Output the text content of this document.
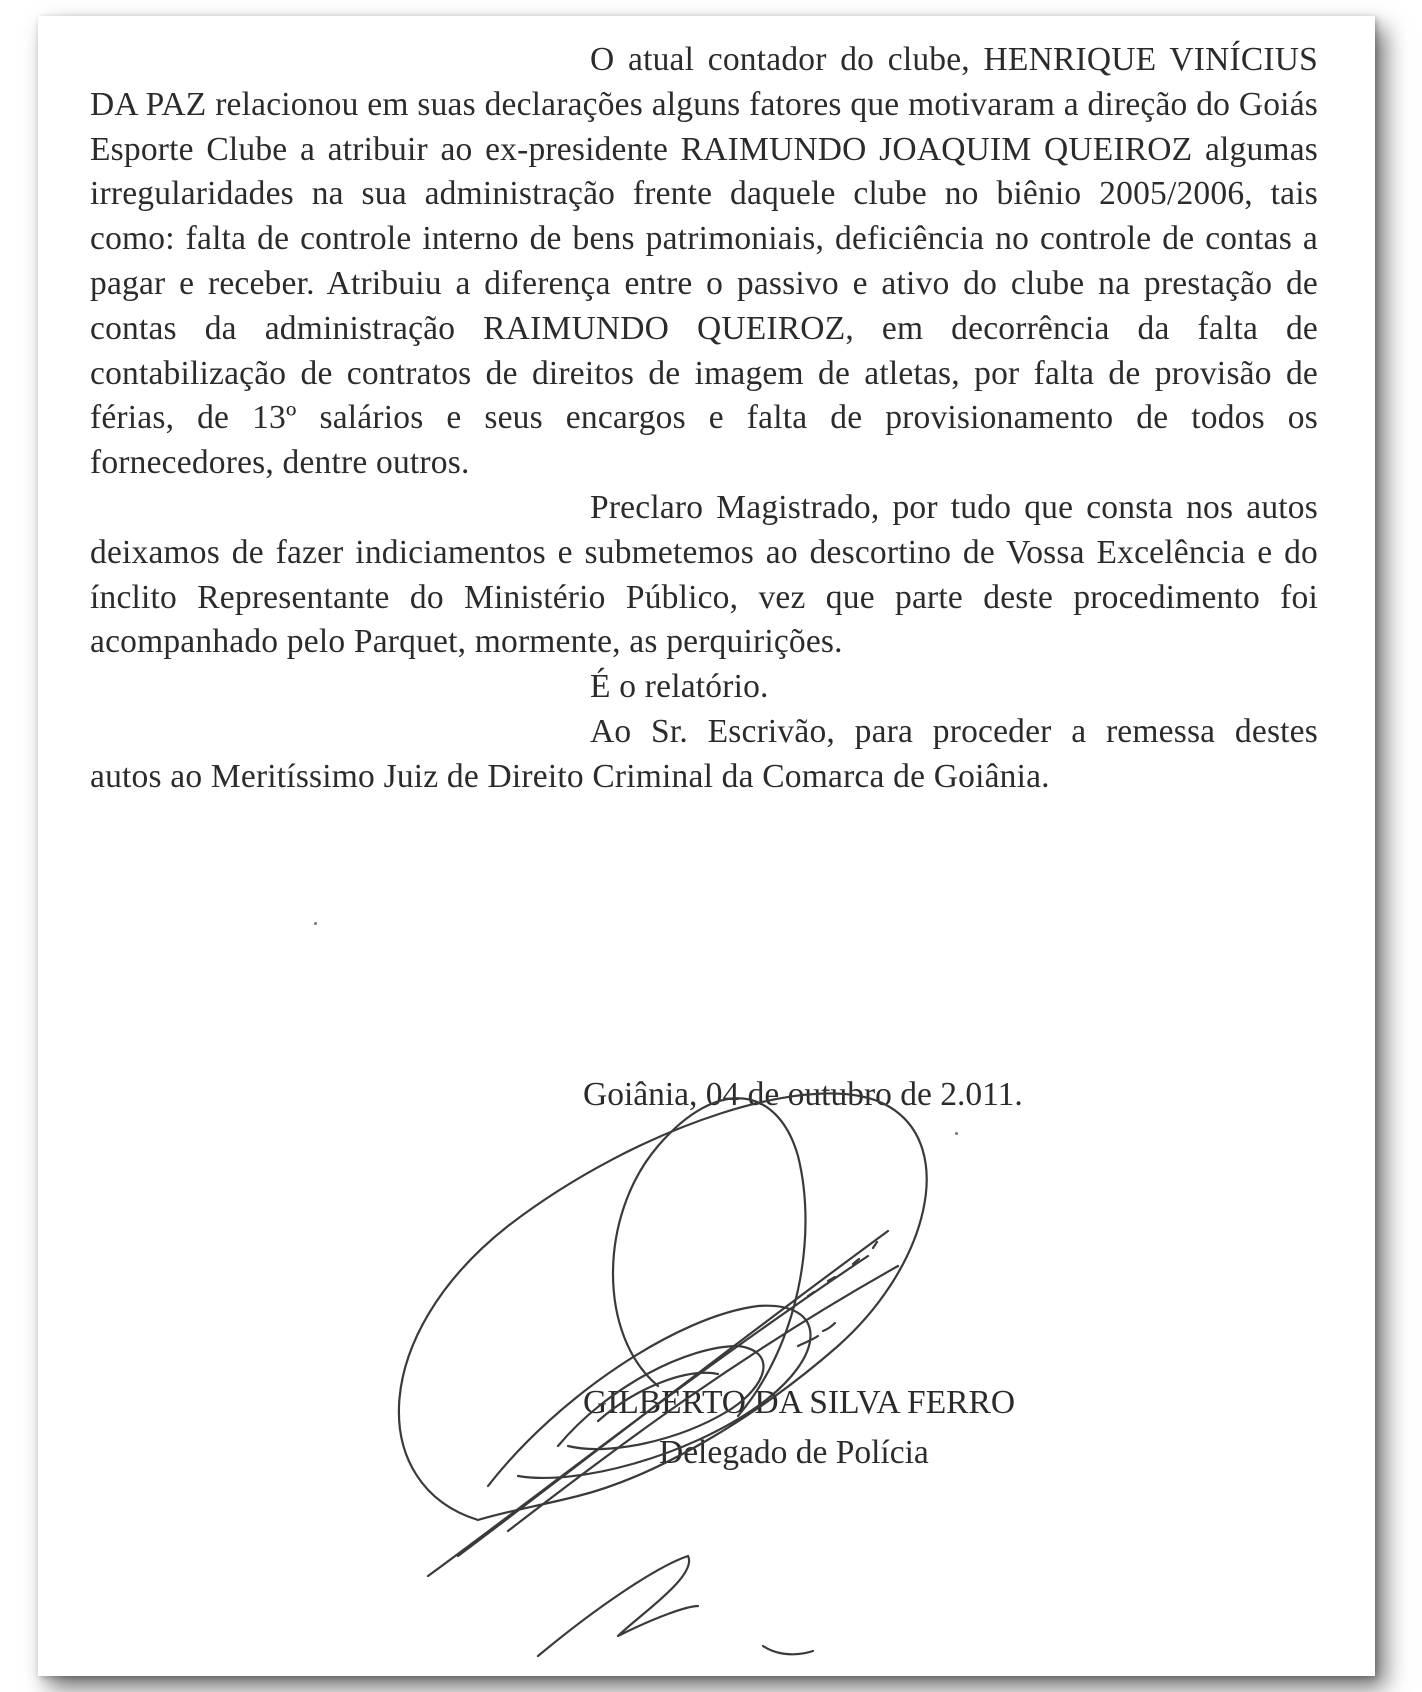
O atual contador do clube, HENRIQUE VINÍCIUS DA PAZ relacionou em suas declarações alguns fatores que motivaram a direção do Goiás Esporte Clube a atribuir ao ex-presidente RAIMUNDO JOAQUIM QUEIROZ algumas irregularidades na sua administração frente daquele clube no biênio 2005/2006, tais como: falta de controle interno de bens patrimoniais, deficiência no controle de contas a pagar e receber. Atribuiu a diferença entre o passivo e ativo do clube na prestação de contas da administração RAIMUNDO QUEIROZ, em decorrência da falta de contabilização de contratos de direitos de imagem de atletas, por falta de provisão de férias, de 13º salários e seus encargos e falta de provisionamento de todos os fornecedores, dentre outros.

Preclaro Magistrado, por tudo que consta nos autos deixamos de fazer indiciamentos e submetemos ao descortino de Vossa Excelência e do ínclito Representante do Ministério Público, vez que parte deste procedimento foi acompanhado pelo Parquet, mormente, as perquirições.

É o relatório.

Ao Sr. Escrivão, para proceder a remessa destes autos ao Meritíssimo Juiz de Direito Criminal da Comarca de Goiânia.

Goiânia, 04 de outubro de 2.011.
GILBERTO DA SILVA FERRO
Delegado de Polícia
